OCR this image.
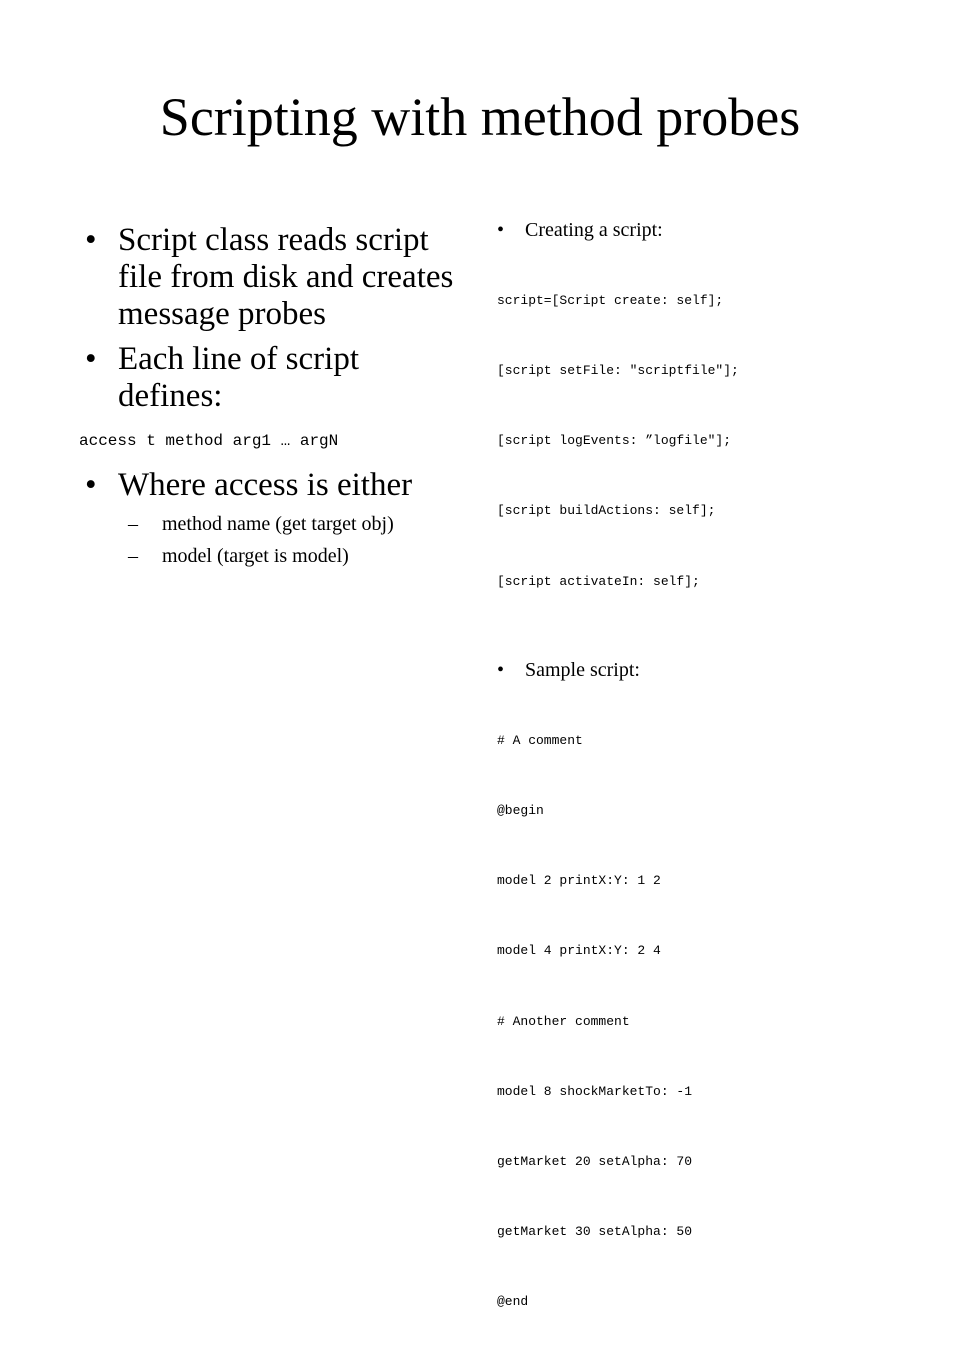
Scripting with method probes
• Script class reads script file from disk and creates message probes
• Each line of script defines:
access t method arg1 … argN
• Where access is either
– method name (get target obj)
– model (target is model)
• Creating a script:

script=[Script create: self];

[script setFile: "scriptfile"];

[script logEvents: ”logfile"];

[script buildActions: self];

[script activateIn: self];

• Sample script:

# A comment

@begin

model 2 printX:Y: 1 2

model 4 printX:Y: 2 4

# Another comment

model 8 shockMarketTo: -1

getMarket 20 setAlpha: 70

getMarket 30 setAlpha: 50

@end
